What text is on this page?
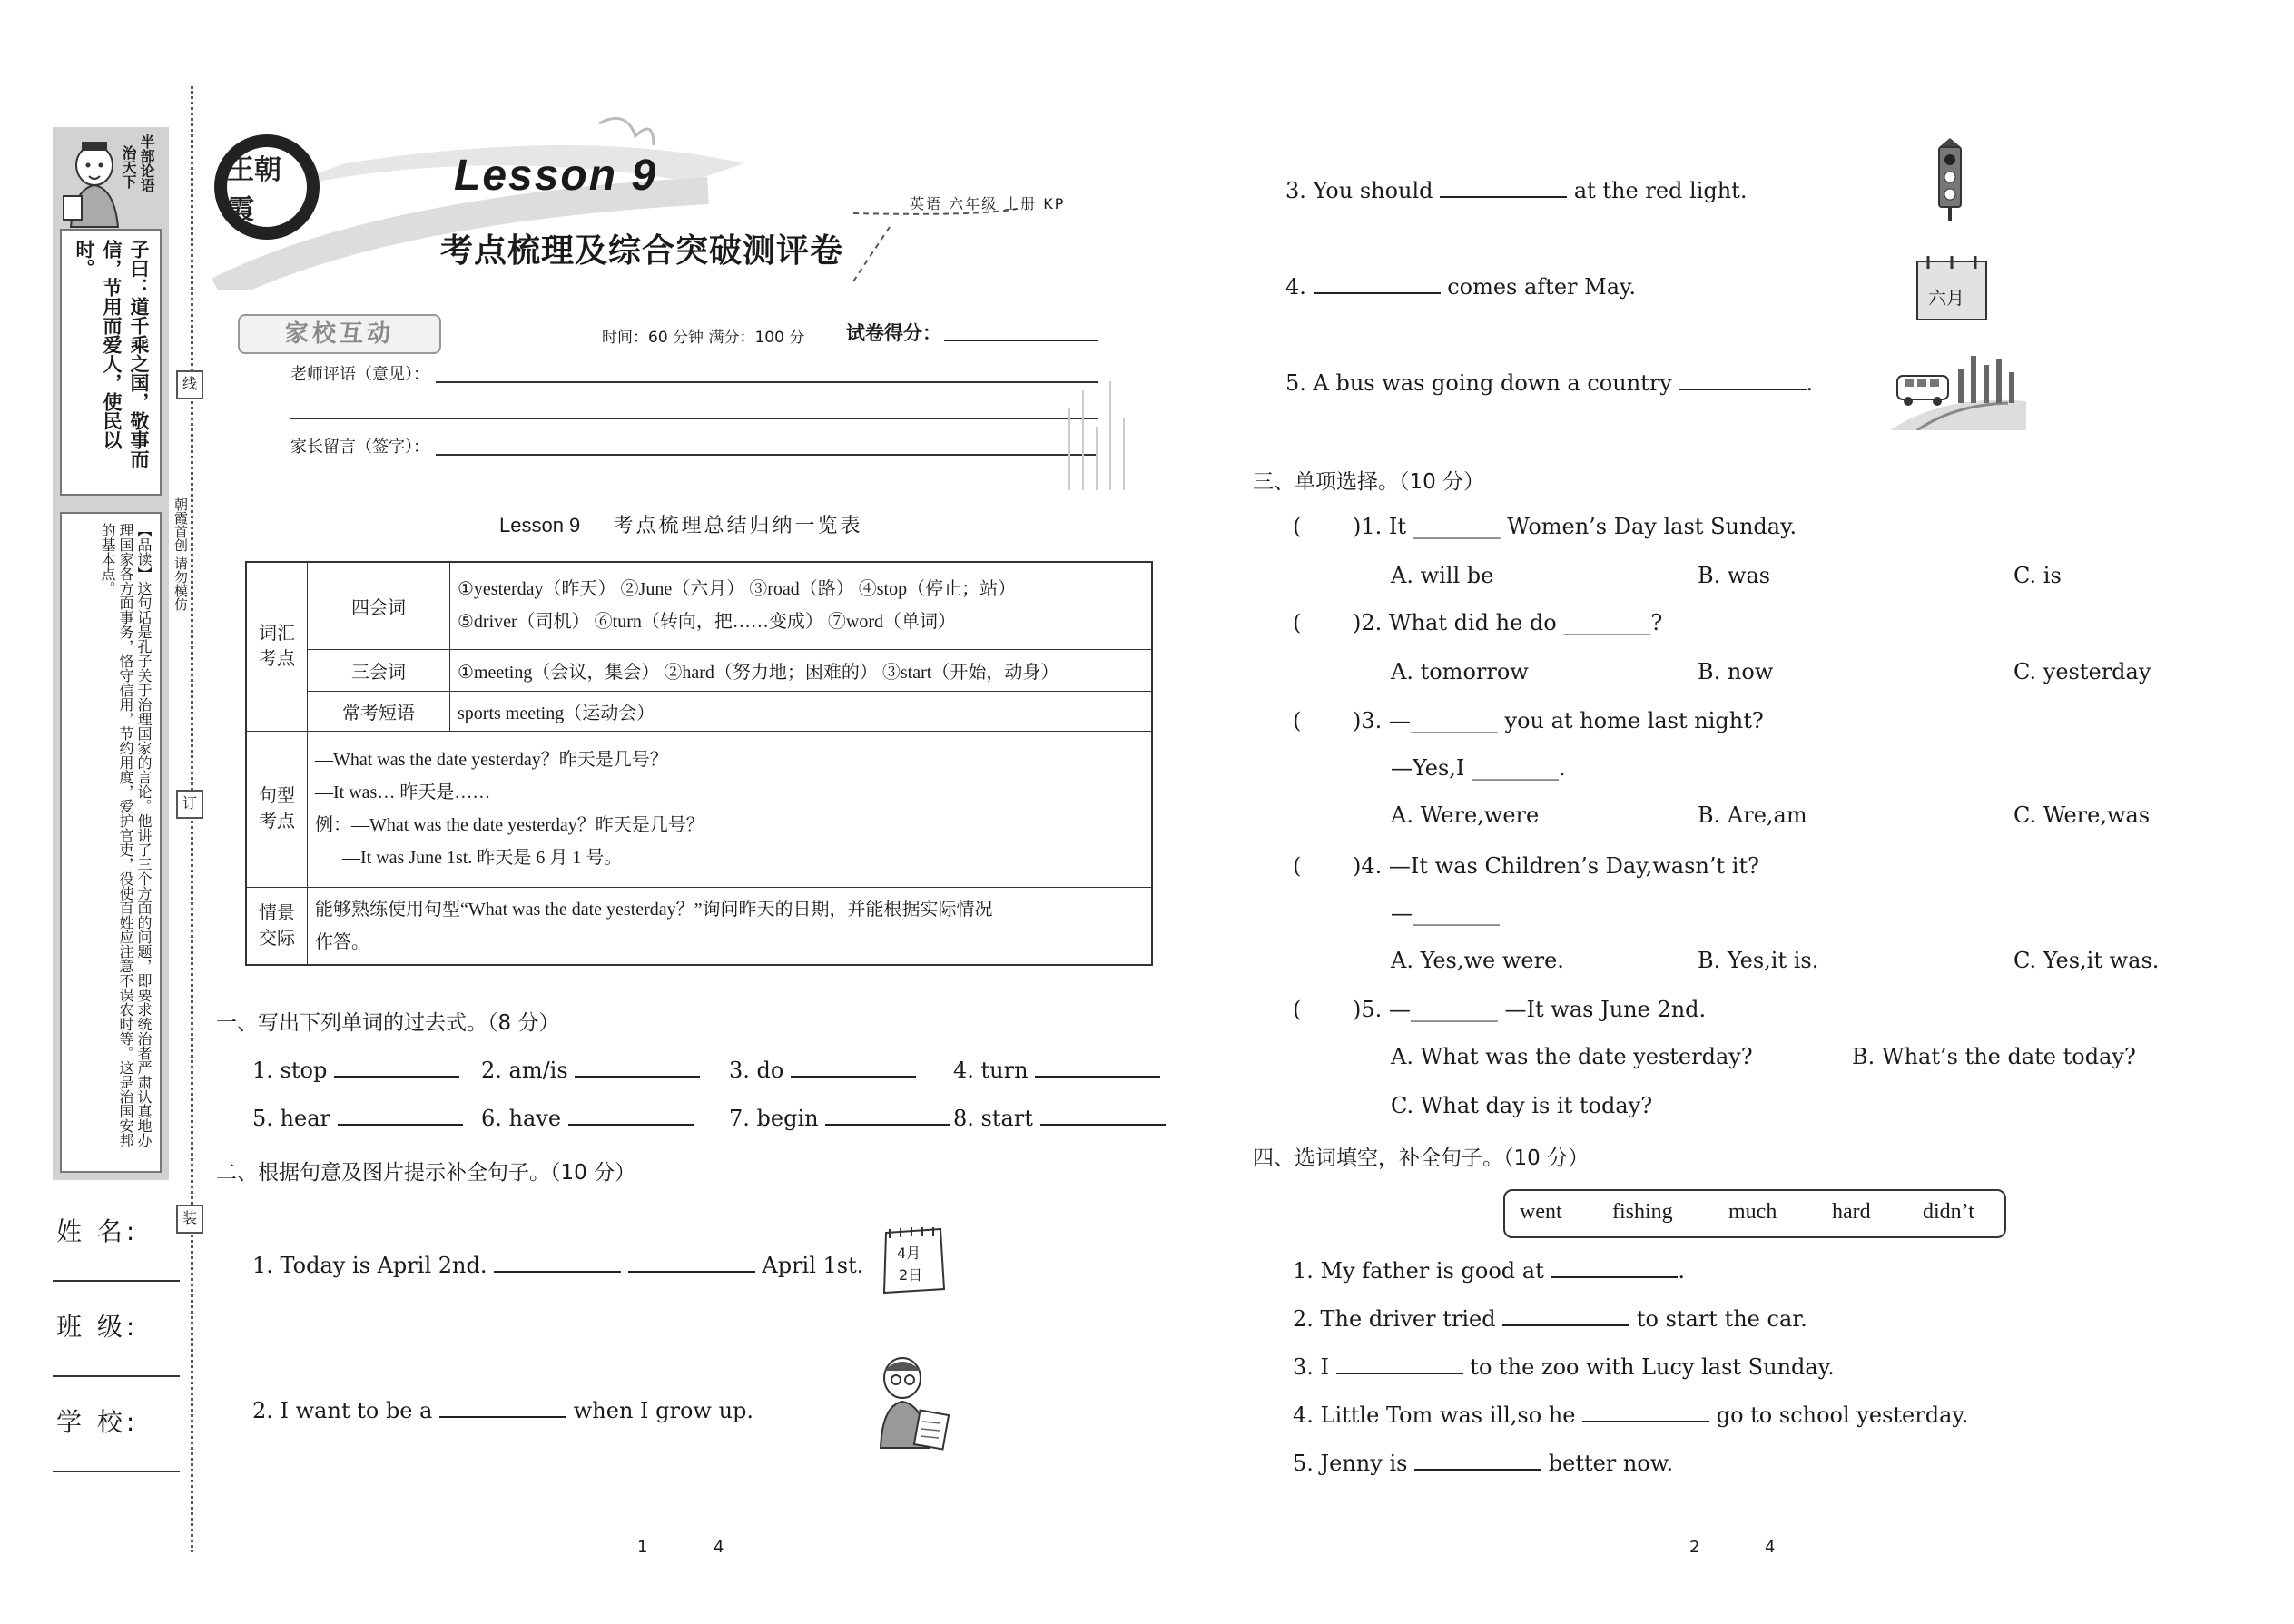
半部论语
治天下
子曰：道千乘之国，敬事而信，节用而爱人，使民以时。
【品读】这句话是孔子关于治理国家的言论。他讲了三个方面的问题，即要求统治者严肃认真地办理国家各方面事务，恪守信用，节约用度，爱护官吏，役使百姓应注意不误农时等。这是治国安邦的基本点。
线
订
装
朝霞首创 请勿模仿
姓 名:
班 级:
学 校:
王朝霞
Lesson 9
考点梳理及综合突破测评卷
英语 六年级 上册 KP
家校互动	时间：60 分钟 满分：100 分 试卷得分：
老师评语（意见）：
家长留言（签字）：
Lesson 9 考点梳理总结归纳一览表
词汇考点	四会词	①yesterday（昨天） ②June（六月） ③road（路） ④stop（停止；站）
⑤driver（司机） ⑥turn（转向，把……变成） ⑦word（单词）

	三会词	①meeting（会议，集会） ②hard（努力地；困难的） ③start（开始，动身）
	常考短语	sports meeting（运动会）
句型考点	—What was the date yesterday？昨天是几号？
—It was… 昨天是……
例：—What was the date yesterday？昨天是几号？
—It was June 1st. 昨天是 6 月 1 号。	

情景交际	能够熟练使用句型“What was the date yesterday？”询问昨天的日期，并能根据实际情况
作答。	
一、写出下列单词的过去式。（8 分）
1. stop	2. am/is	3. do	4. turn
5. hear	6. have	7. begin	8. start
二、根据句意及图片提示补全句子。（10 分）
1. Today is April 2nd.	April 1st. 4月
2日
2. I want to be a	when I grow up.
3. You should	at the red light.
4.	comes after May.	六月
5. A bus was going down a country	.
三、单项选择。（10 分）
( )1. It ________ Women’s Day last Sunday.
A. will be	B. was	C. is
( )2. What did he do ________?
A. tomorrow	B. now	C. yesterday
( )3. —________ you at home last night?
—Yes,I ________.
A. Were,were	B. Are,am	C. Were,was
( )4. —It was Children’s Day,wasn’t it?
—________
A. Yes,we were.	B. Yes,it is.	C. Yes,it was.
( )5. —________ —It was June 2nd.
A. What was the date yesterday?	B. What’s the date today?
C. What day is it today?
四、选词填空，补全句子。（10 分）
went fishing	much	hard didn’t
1. My father is good at	.
2. The driver tried	to start the car.
3. I	to the zoo with Lucy last Sunday.
4. Little Tom was ill,so he	go to school yesterday.
5. Jenny is	better now.
1	4	2	4
